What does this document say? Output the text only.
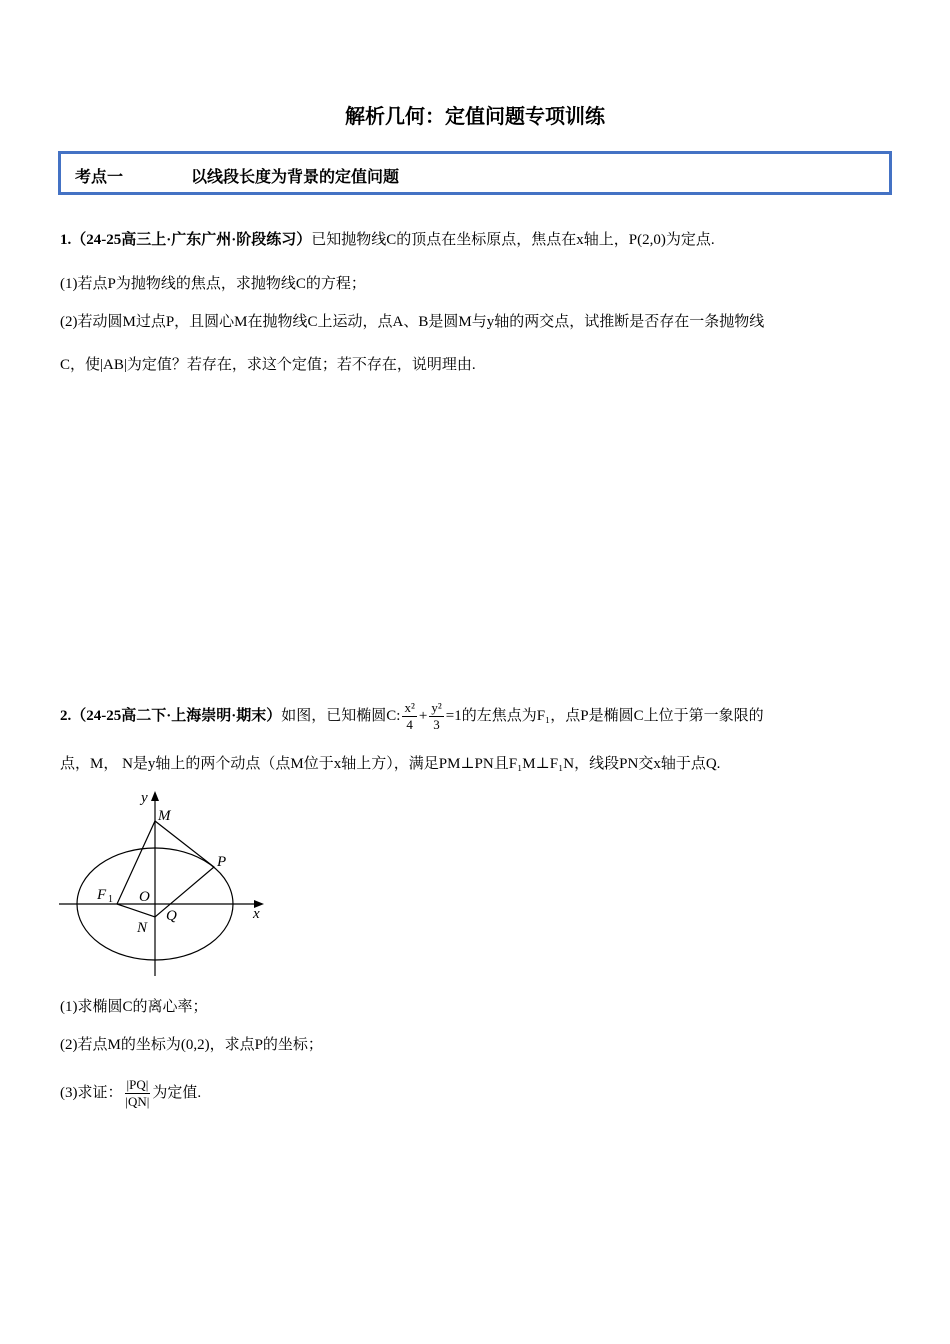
解析几何：定值问题专项训练
考点一	以线段长度为背景的定值问题
1.（24-25高三上·广东广州·阶段练习）已知抛物线C的顶点在坐标原点，焦点在x轴上，P(2,0)为定点.
(1)若点P为抛物线的焦点，求抛物线C的方程；
(2)若动圆M过点P，且圆心M在抛物线C上运动，点A、B是圆M与y轴的两交点，试推断是否存在一条抛物线
C，使|AB|为定值？若存在，求这个定值；若不存在，说明理由.
2.（24-25高二下·上海崇明·期末）如图，已知椭圆C: $\frac{\text{x²}}{4} + \frac{\text{y²}}{3} =1$的左焦点为F₁，点P是椭圆C上位于第一象限的
点，M， N是y轴上的两个动点（点M位于x轴上方），满足PM⊥PN且F₁M⊥F₁N，线段PN交x轴于点Q.
y
M
P
F 1 O
Q
N
x
(1)求椭圆C的离心率；
(2)若点M的坐标为(0,2)，求点P的坐标；
(3)求证： $\frac{|PQ|}{|QN|}$ 为定值.
